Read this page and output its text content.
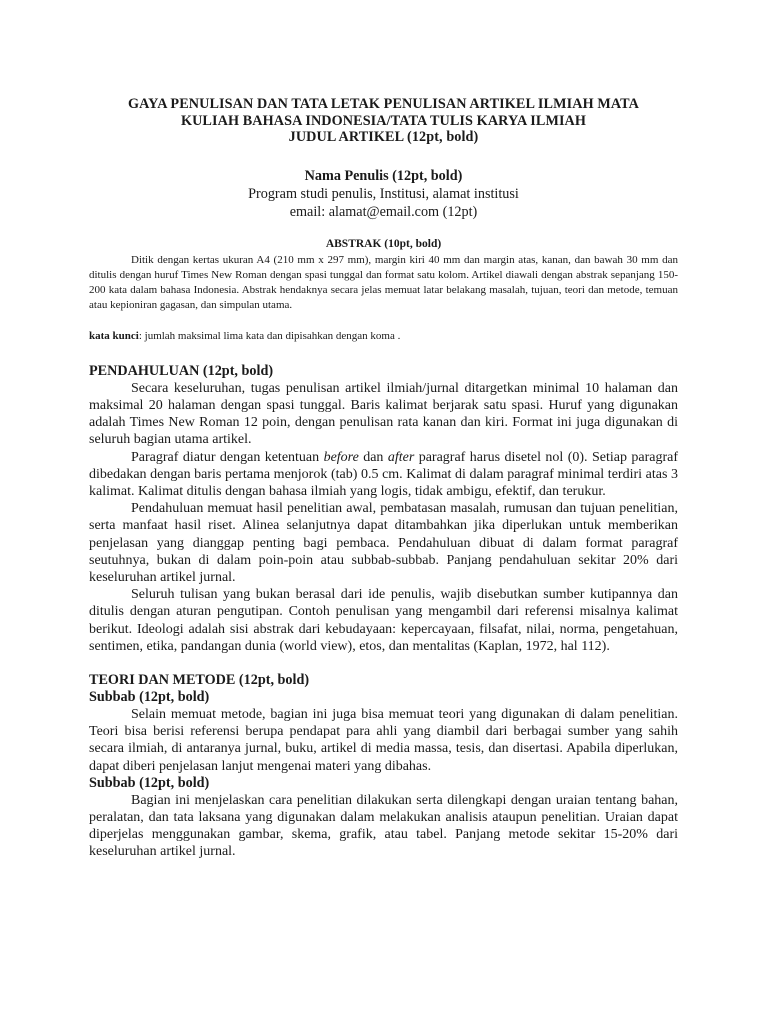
GAYA PENULISAN DAN TATA LETAK PENULISAN ARTIKEL ILMIAH MATA

KULIAH BAHASA INDONESIA/TATA TULIS KARYA ILMIAH

JUDUL ARTIKEL (12pt, bold)

Nama Penulis (12pt, bold)
Program studi penulis, Institusi, alamat institusi
email: alamat@email.com (12pt)
ABSTRAK (10pt, bold)

Ditik dengan kertas ukuran A4 (210 mm x 297 mm), margin kiri 40 mm dan margin atas, kanan, dan bawah 30 mm dan ditulis dengan huruf Times New Roman dengan spasi tunggal dan format satu kolom. Artikel diawali dengan abstrak sepanjang 150-200 kata dalam bahasa Indonesia. Abstrak hendaknya secara jelas memuat latar belakang masalah, tujuan, teori dan metode, temuan atau kepioniran gagasan, dan simpulan utama.

kata kunci: jumlah maksimal lima kata dan dipisahkan dengan koma .
PENDAHULUAN (12pt, bold)

Secara keseluruhan, tugas penulisan artikel ilmiah/jurnal ditargetkan minimal 10 halaman dan maksimal 20 halaman dengan spasi tunggal. Baris kalimat berjarak satu spasi. Huruf yang digunakan adalah Times New Roman 12 poin, dengan penulisan rata kanan dan kiri. Format ini juga digunakan di seluruh bagian utama artikel.

Paragraf diatur dengan ketentuan before dan after paragraf harus disetel nol (0). Setiap paragraf dibedakan dengan baris pertama menjorok (tab) 0.5 cm. Kalimat di dalam paragraf minimal terdiri atas 3 kalimat. Kalimat ditulis dengan bahasa ilmiah yang logis, tidak ambigu, efektif, dan terukur.

Pendahuluan memuat hasil penelitian awal, pembatasan masalah, rumusan dan tujuan penelitian, serta manfaat hasil riset. Alinea selanjutnya dapat ditambahkan jika diperlukan untuk memberikan penjelasan yang dianggap penting bagi pembaca. Pendahuluan dibuat di dalam format paragraf seutuhnya, bukan di dalam poin-poin atau subbab-subbab. Panjang pendahuluan sekitar 20% dari keseluruhan artikel jurnal.

Seluruh tulisan yang bukan berasal dari ide penulis, wajib disebutkan sumber kutipannya dan ditulis dengan aturan pengutipan. Contoh penulisan yang mengambil dari referensi misalnya kalimat berikut. Ideologi adalah sisi abstrak dari kebudayaan: kepercayaan, filsafat, nilai, norma, pengetahuan, sentimen, etika, pandangan dunia (world view), etos, dan mentalitas (Kaplan, 1972, hal 112).

TEORI DAN METODE (12pt, bold)
Subbab (12pt, bold)

Selain memuat metode, bagian ini juga bisa memuat teori yang digunakan di dalam penelitian. Teori bisa berisi referensi berupa pendapat para ahli yang diambil dari berbagai sumber yang sahih secara ilmiah, di antaranya jurnal, buku, artikel di media massa, tesis, dan disertasi. Apabila diperlukan, dapat diberi penjelasan lanjut mengenai materi yang dibahas.

Subbab (12pt, bold)

Bagian ini menjelaskan cara penelitian dilakukan serta dilengkapi dengan uraian tentang bahan, peralatan, dan tata laksana yang digunakan dalam melakukan analisis ataupun penelitian. Uraian dapat diperjelas menggunakan gambar, skema, grafik, atau tabel. Panjang metode sekitar 15-20% dari keseluruhan artikel jurnal.
